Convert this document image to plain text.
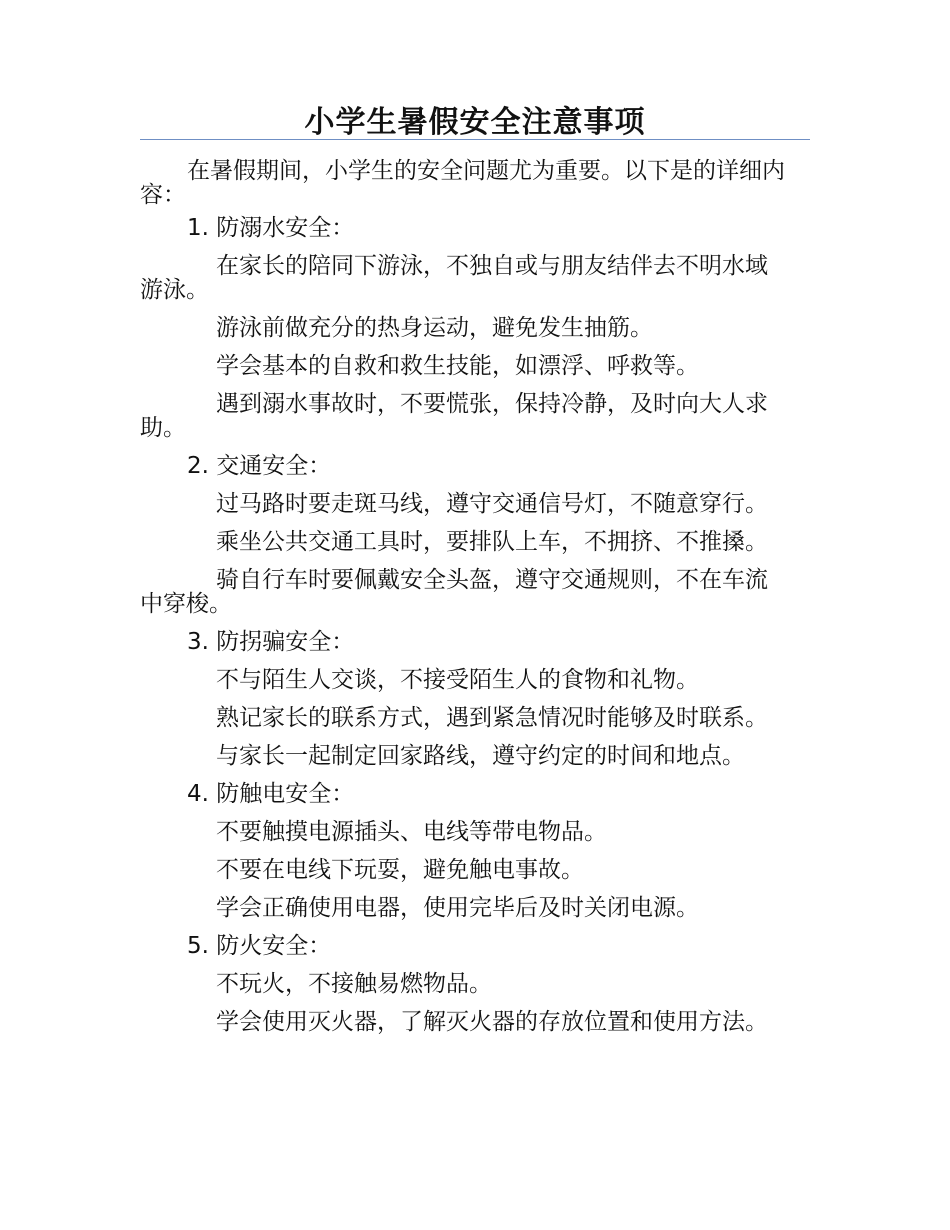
小学生暑假安全注意事项

在暑假期间，小学生的安全问题尤为重要。以下是的详细内容：

1. 防溺水安全：

在家长的陪同下游泳，不独自或与朋友结伴去不明水域游泳。

游泳前做充分的热身运动，避免发生抽筋。

学会基本的自救和救生技能，如漂浮、呼救等。

遇到溺水事故时，不要慌张，保持冷静，及时向大人求助。

2. 交通安全：

过马路时要走斑马线，遵守交通信号灯，不随意穿行。

乘坐公共交通工具时，要排队上车，不拥挤、不推搡。

骑自行车时要佩戴安全头盔，遵守交通规则，不在车流中穿梭。

3. 防拐骗安全：

不与陌生人交谈，不接受陌生人的食物和礼物。

熟记家长的联系方式，遇到紧急情况时能够及时联系。

与家长一起制定回家路线，遵守约定的时间和地点。

4. 防触电安全：

不要触摸电源插头、电线等带电物品。

不要在电线下玩耍，避免触电事故。

学会正确使用电器，使用完毕后及时关闭电源。

5. 防火安全：

不玩火，不接触易燃物品。

学会使用灭火器，了解灭火器的存放位置和使用方法。
